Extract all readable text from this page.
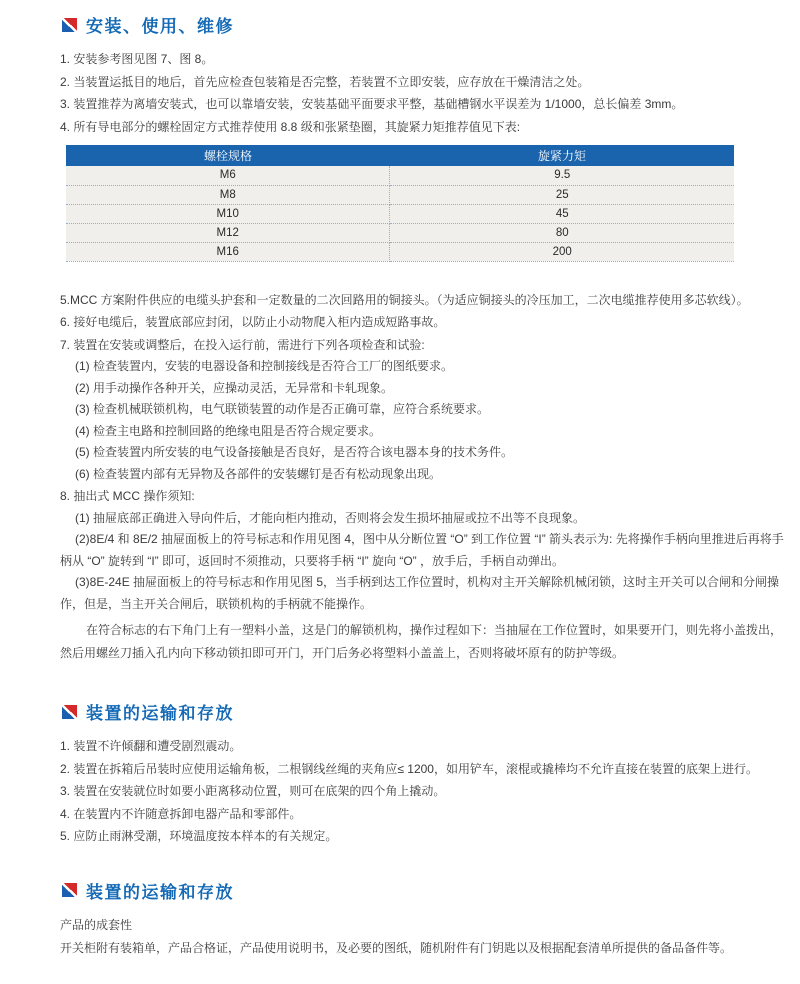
安装、使用、维修
1. 安装参考图见图 7、图 8。
2. 当装置运抵目的地后，首先应检查包装箱是否完整，若装置不立即安装，应存放在干燥清洁之处。
3. 装置推荐为离墙安装式，也可以靠墙安装，安装基础平面要求平整，基础槽钢水平误差为 1/1000，总长偏差 3mm。
4. 所有导电部分的螺栓固定方式推荐使用 8.8 级和张紧垫圈，其旋紧力矩推荐值见下表:
螺栓规格	旋紧力矩
M6	9.5
M8	25
M10	45
M12	80
M16	200
5.MCC 方案附件供应的电缆头护套和一定数量的二次回路用的铜接头。（为适应铜接头的冷压加工，二次电缆推荐使用多芯软线）。
6. 接好电缆后，装置底部应封闭，以防止小动物爬入柜内造成短路事故。
7. 装置在安装或调整后，在投入运行前，需进行下列各项检查和试验:
(1) 检查装置内，安装的电器设备和控制接线是否符合工厂的图纸要求。
(2) 用手动操作各种开关，应操动灵活，无异常和卡轧现象。
(3) 检查机械联锁机构，电气联锁装置的动作是否正确可靠，应符合系统要求。
(4) 检查主电路和控制回路的绝缘电阻是否符合规定要求。
(5) 检查装置内所安装的电气设备接触是否良好，是否符合该电器本身的技术务件。
(6) 检查装置内部有无异物及各部件的安装螺钉是否有松动现象出现。
8. 抽出式 MCC 操作须知:
(1) 抽屉底部正确进入导向件后，才能向柜内推动，否则将会发生损坏抽屉或拉不出等不良现象。
(2)8E/4 和 8E/2 抽屉面板上的符号标志和作用见图 4，图中从分断位置 “O” 到工作位置 “I” 箭头表示为: 先将操作手柄向里推进后再将手柄从 “O” 旋转到 “I” 即可，返回时不须推动，只要将手柄 “I” 旋向 “O” ，放手后，手柄自动弹出。
(3)8E-24E 抽屉面板上的符号标志和作用见图 5，当手柄到达工作位置时，机构对主开关解除机械闭锁，这时主开关可以合闸和分闸操作，但是，当主开关合闸后，联锁机构的手柄就不能操作。
在符合标志的右下角门上有一塑料小盖，这是门的解锁机构，操作过程如下：当抽屉在工作位置时，如果要开门，则先将小盖拨出，然后用螺丝刀插入孔内向下移动锁扣即可开门，开门后务必将塑料小盖盖上，否则将破坏原有的防护等级。
装置的运输和存放
1. 装置不许倾翻和遭受剧烈震动。
2. 装置在拆箱后吊装时应使用运输角板，二根钢线丝绳的夹角应≤ 1200，如用铲车，滚棍或撬棒均不允许直接在装置的底架上进行。
3. 装置在安装就位时如要小距离移动位置，则可在底架的四个角上撬动。
4. 在装置内不许随意拆卸电器产品和零部件。
5. 应防止雨淋受潮，环境温度按本样本的有关规定。
装置的运输和存放
产品的成套性
开关柜附有装箱单，产品合格证，产品使用说明书，及必要的图纸，随机附件有门钥匙以及根据配套清单所提供的备品备件等。
